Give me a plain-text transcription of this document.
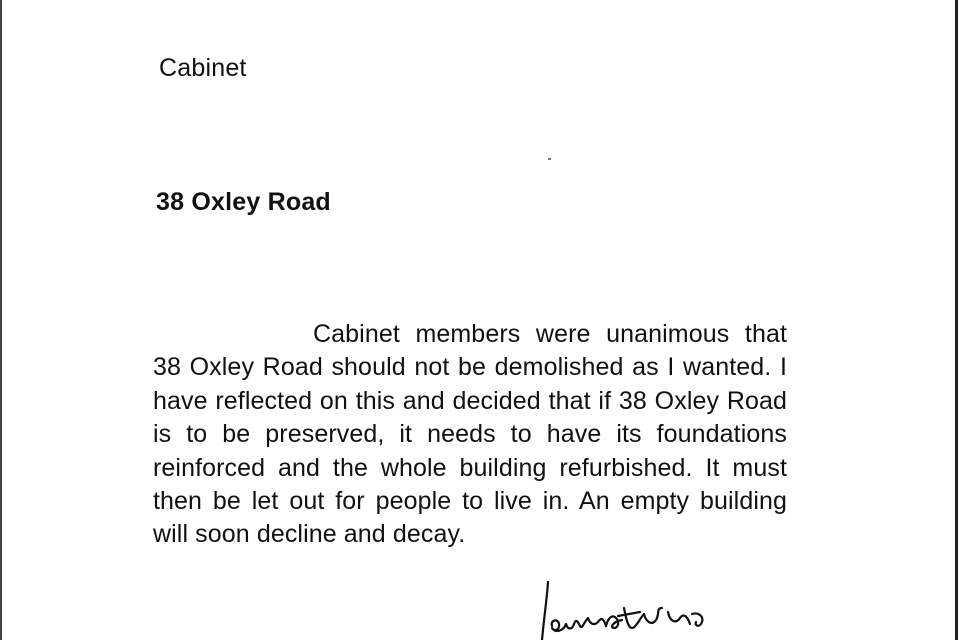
Cabinet
38 Oxley Road

Cabinet members were unanimous that 38 Oxley Road should not be demolished as I wanted. I have reflected on this and decided that if 38 Oxley Road is to be preserved, it needs to have its foundations reinforced and the whole building refurbished. It must then be let out for people to live in. An empty building will soon decline and decay.
